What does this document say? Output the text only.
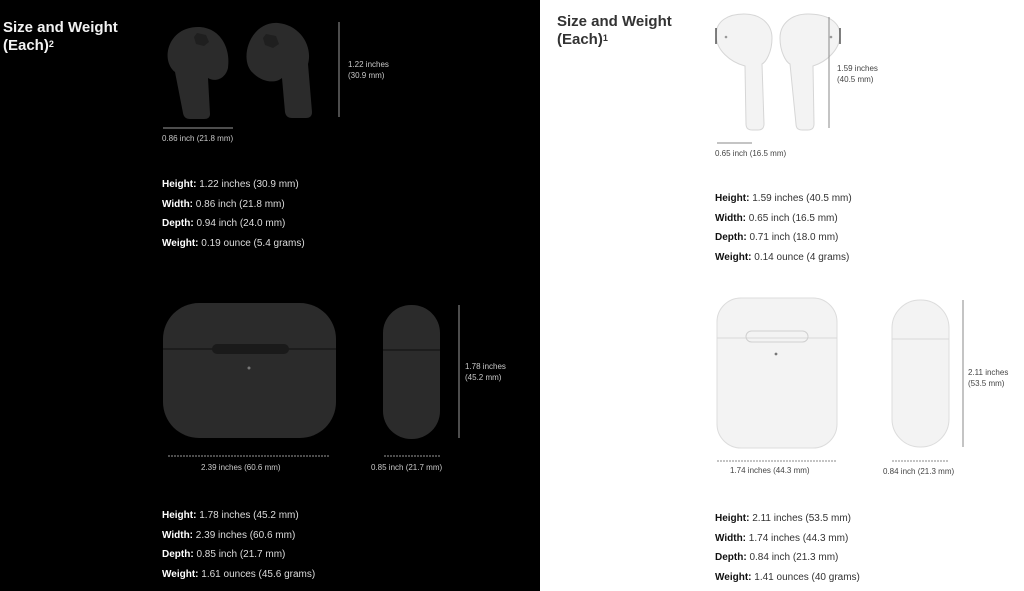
Size and Weight
(Each)$^2$
1.22 inches
(30.9 mm)
0.86 inch (21.8 mm)
Height: 1.22 inches (30.9 mm)
Width: 0.86 inch (21.8 mm)
Depth: 0.94 inch (24.0 mm)
Weight: 0.19 ounce (5.4 grams)
1.78 inches
(45.2 mm)
2.39 inches (60.6 mm)	0.85 inch (21.7 mm)
Height: 1.78 inches (45.2 mm)
Width: 2.39 inches (60.6 mm)
Depth: 0.85 inch (21.7 mm)
Weight: 1.61 ounces (45.6 grams)
Size and Weight
(Each)$^1$
1.59 inches
(40.5 mm)
0.65 inch (16.5 mm)
Height: 1.59 inches (40.5 mm)
Width: 0.65 inch (16.5 mm)
Depth: 0.71 inch (18.0 mm)
Weight: 0.14 ounce (4 grams)
2.11 inches
(53.5 mm)
1.74 inches (44.3 mm)	0.84 inch (21.3 mm)
Height: 2.11 inches (53.5 mm)
Width: 1.74 inches (44.3 mm)
Depth: 0.84 inch (21.3 mm)
Weight: 1.41 ounces (40 grams)
